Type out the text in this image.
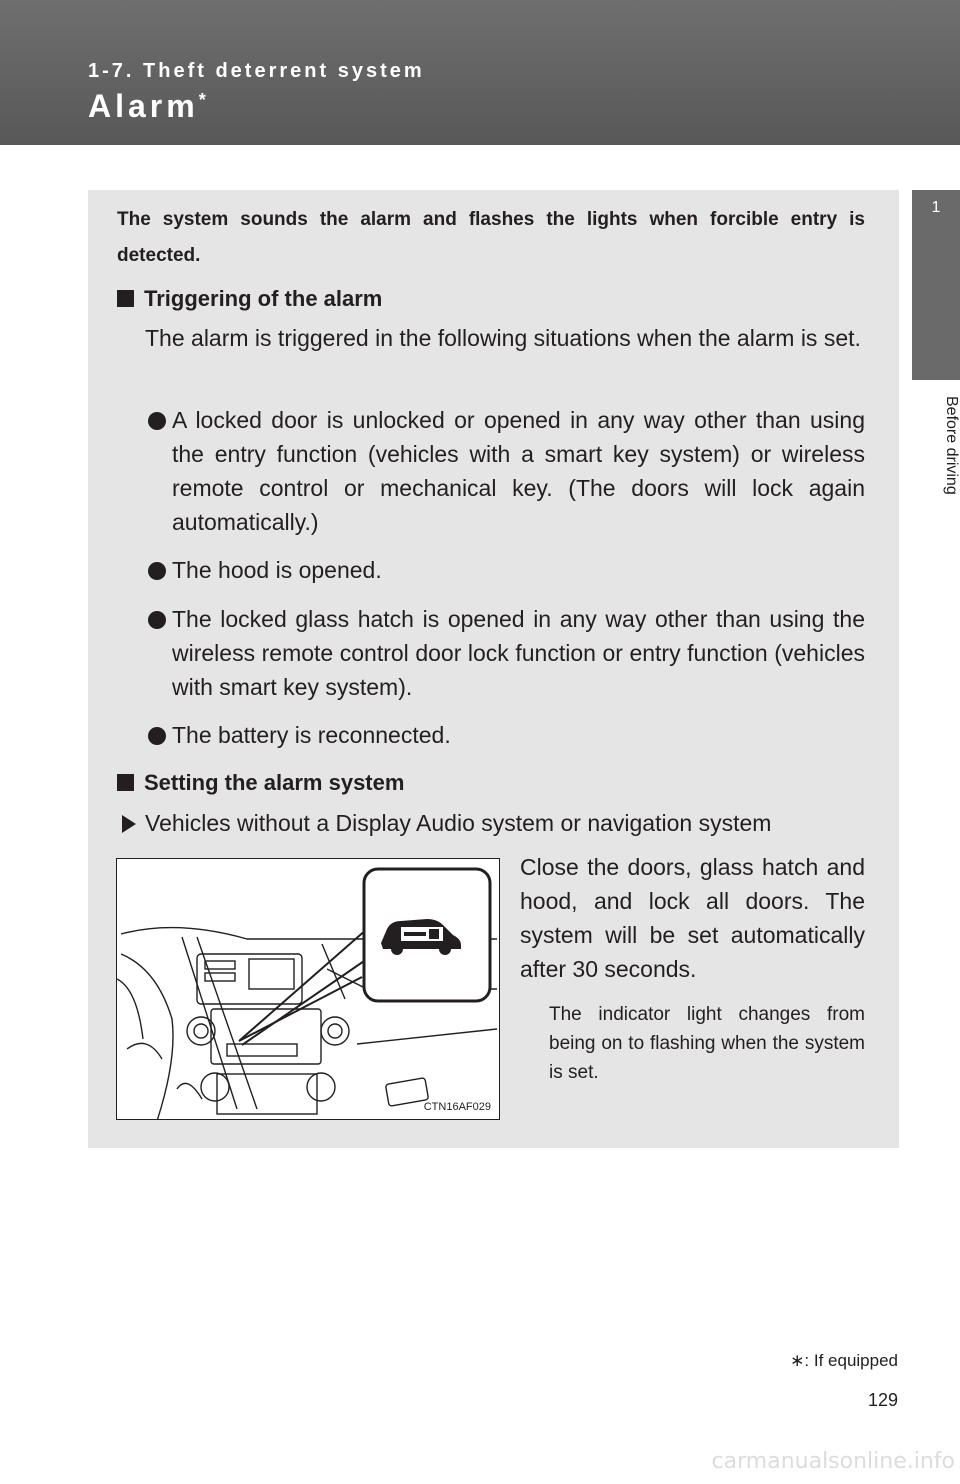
1-7. Theft deterrent system

Alarm*

1
Before driving

The system sounds the alarm and flashes the lights when forcible entry is detected.

Triggering of the alarm

The alarm is triggered in the following situations when the alarm is set.

A locked door is unlocked or opened in any way other than using the entry function (vehicles with a smart key system) or wireless remote control or mechanical key. (The doors will lock again automatically.)

The hood is opened.

The locked glass hatch is opened in any way other than using the wireless remote control door lock function or entry function (vehicles with smart key system).

The battery is reconnected.

Setting the alarm system

Vehicles without a Display Audio system or navigation system

CTN16AF029

Close the doors, glass hatch and hood, and lock all doors. The system will be set automatically after 30 seconds.

The indicator light changes from being on to flashing when the system is set.

∗: If equipped
129
carmanualsonline.info
